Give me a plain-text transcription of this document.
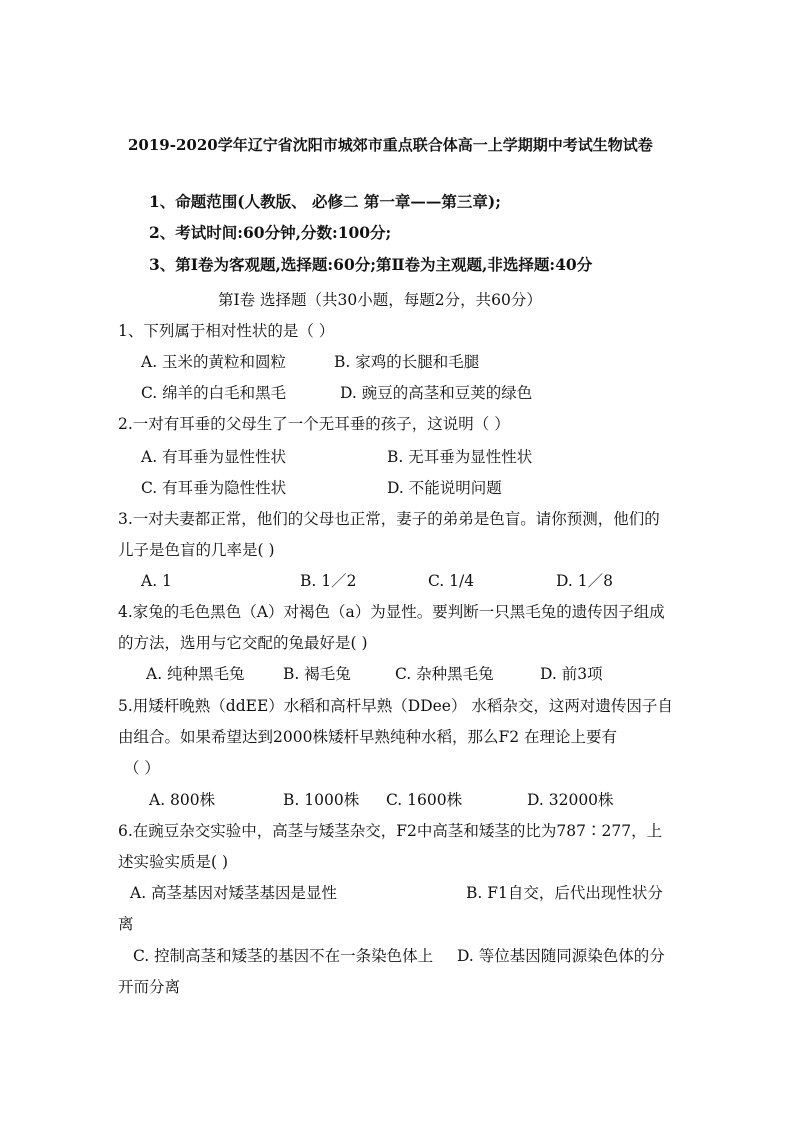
2019-2020学年辽宁省沈阳市城郊市重点联合体高一上学期期中考试生物试卷
1、命题范围(人教版、 必修二 第一章——第三章);
2、考试时间:60分钟,分数:100分;
3、第Ⅰ卷为客观题,选择题:60分;第Ⅱ卷为主观题,非选择题:40分
第Ⅰ卷 选择题（共30小题，每题2分，共60分）
1、下列属于相对性状的是（ ）
A. 玉米的黄粒和圆粒	B. 家鸡的长腿和毛腿
C. 绵羊的白毛和黑毛	D. 豌豆的高茎和豆荚的绿色
2.一对有耳垂的父母生了一个无耳垂的孩子，这说明（ ）
A. 有耳垂为显性性状	B. 无耳垂为显性性状
C. 有耳垂为隐性性状	D. 不能说明问题
3.一对夫妻都正常，他们的父母也正常，妻子的弟弟是色盲。请你预测，他们的
儿子是色盲的几率是( )
A. 1	B. 1／2	C. 1/4	D. 1／8
4.家兔的毛色黑色（A）对褐色（a）为显性。要判断一只黑毛兔的遗传因子组成
的方法，选用与它交配的兔最好是( )
A. 纯种黑毛兔 B. 褐毛兔	C. 杂种黑毛兔	D. 前3项
5.用矮杆晚熟（ddEE）水稻和高杆早熟（DDee） 水稻杂交，这两对遗传因子自
由组合。如果希望达到2000株矮杆早熟纯种水稻，那么F2 在理论上要有
（ ）
A. 800株	B. 1000株 C. 1600株	D. 32000株
6.在豌豆杂交实验中，高茎与矮茎杂交，F2中高茎和矮茎的比为787∶277，上
述实验实质是( )
A. 高茎基因对矮茎基因是显性	B. F1自交，后代出现性状分
离
C. 控制高茎和矮茎的基因不在一条染色体上 D. 等位基因随同源染色体的分
开而分离
